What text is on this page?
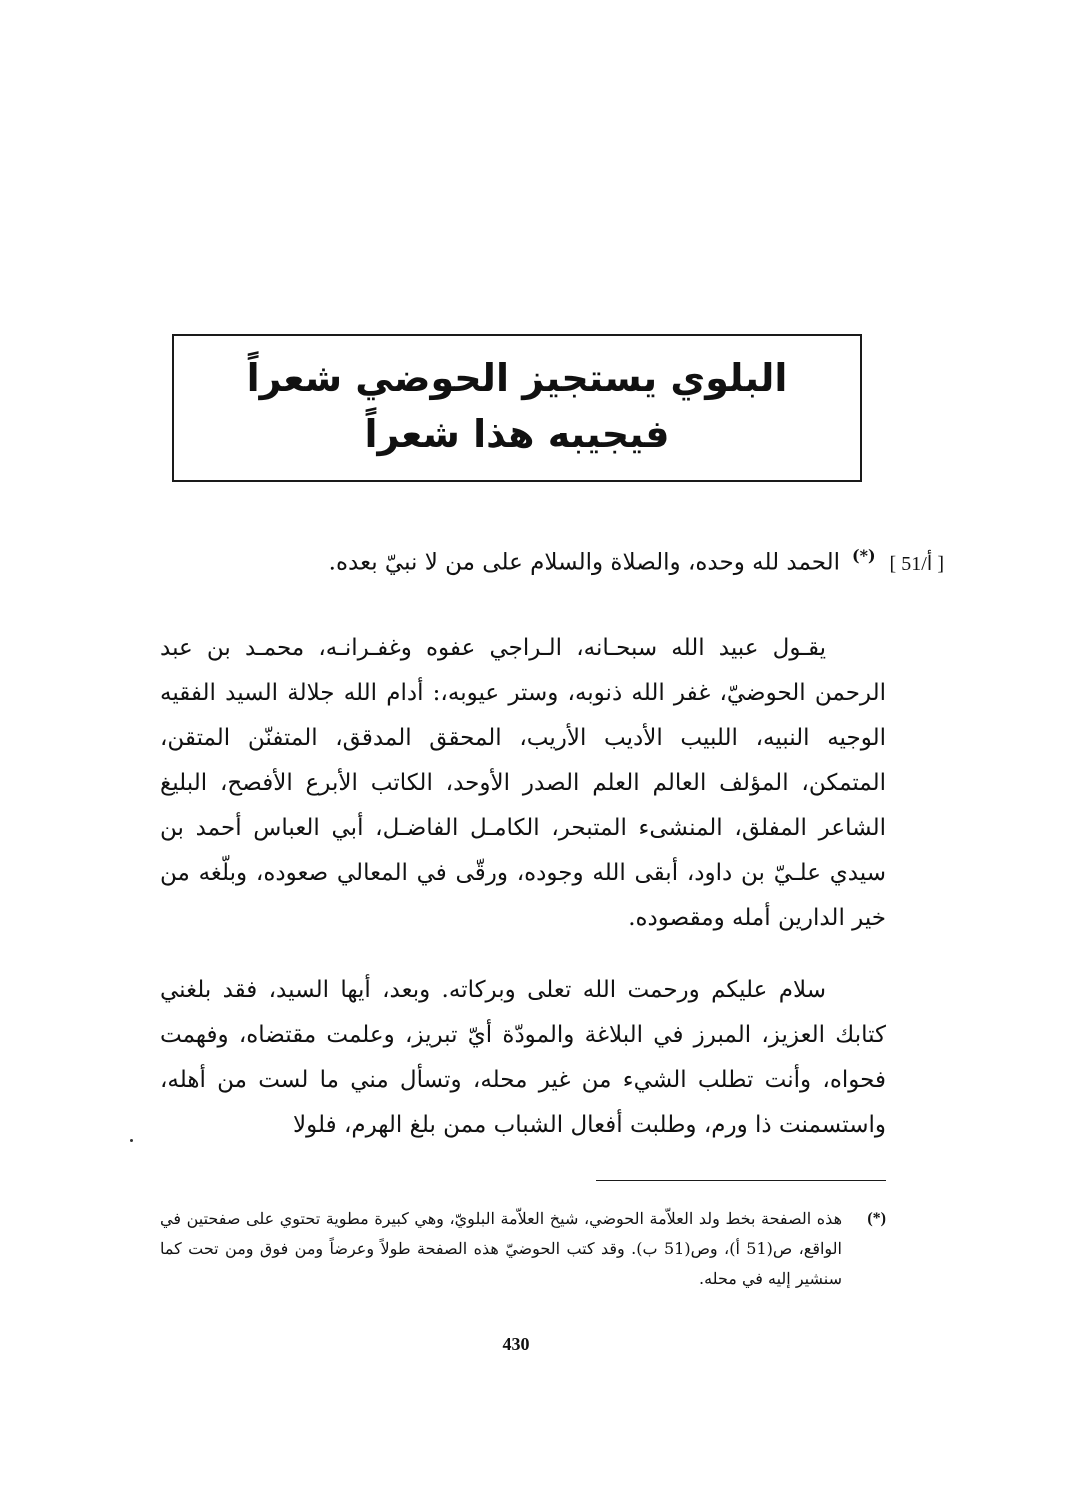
البلوي يستجيز الحوضي شعراً
فيجيبه هذا شعراً
[ 51/أ ](*)الحمد لله وحده، والصلاة والسلام على من لا نبيّ بعده.
يقـول عبيد الله سبحـانه، الـراجي عفوه وغفـرانـه، محمـد بن عبد الرحمن الحوضيّ، غفر الله ذنوبه، وستر عيوبه،: أدام الله جلالة السيد الفقيه الوجيه النبيه، اللبيب الأديب الأريب، المحقق المدقق، المتفنّن المتقن، المتمكن، المؤلف العالم العلم الصدر الأوحد، الكاتب الأبرع الأفصح، البليغ الشاعر المفلق، المنشىء المتبحر، الكامـل الفاضـل، أبي العباس أحمد بن سيدي علـيّ بن داود، أبقى الله وجوده، ورقّى في المعالي صعوده، وبلّغه من خير الدارين أمله ومقصوده.
سلام عليكم ورحمت الله تعلى وبركاته. وبعد، أيها السيد، فقد بلغني كتابك العزيز، المبرز في البلاغة والمودّة أيّ تبريز، وعلمت مقتضاه، وفهمت فحواه، وأنت تطلب الشيء من غير محله، وتسأل مني ما لست من أهله، واستسمنت ذا ورم، وطلبت أفعال الشباب ممن بلغ الهرم، فلولا
(*)
هذه الصفحة بخط ولد العلاّمة الحوضي، شيخ العلاّمة البلويّ، وهي كبيرة مطوية تحتوي على صفحتين في الواقع، ص(51 أ)، وص(51 ب). وقد كتب الحوضيّ هذه الصفحة طولاً وعرضاً ومن فوق ومن تحت كما سنشير إليه في محله.
430
